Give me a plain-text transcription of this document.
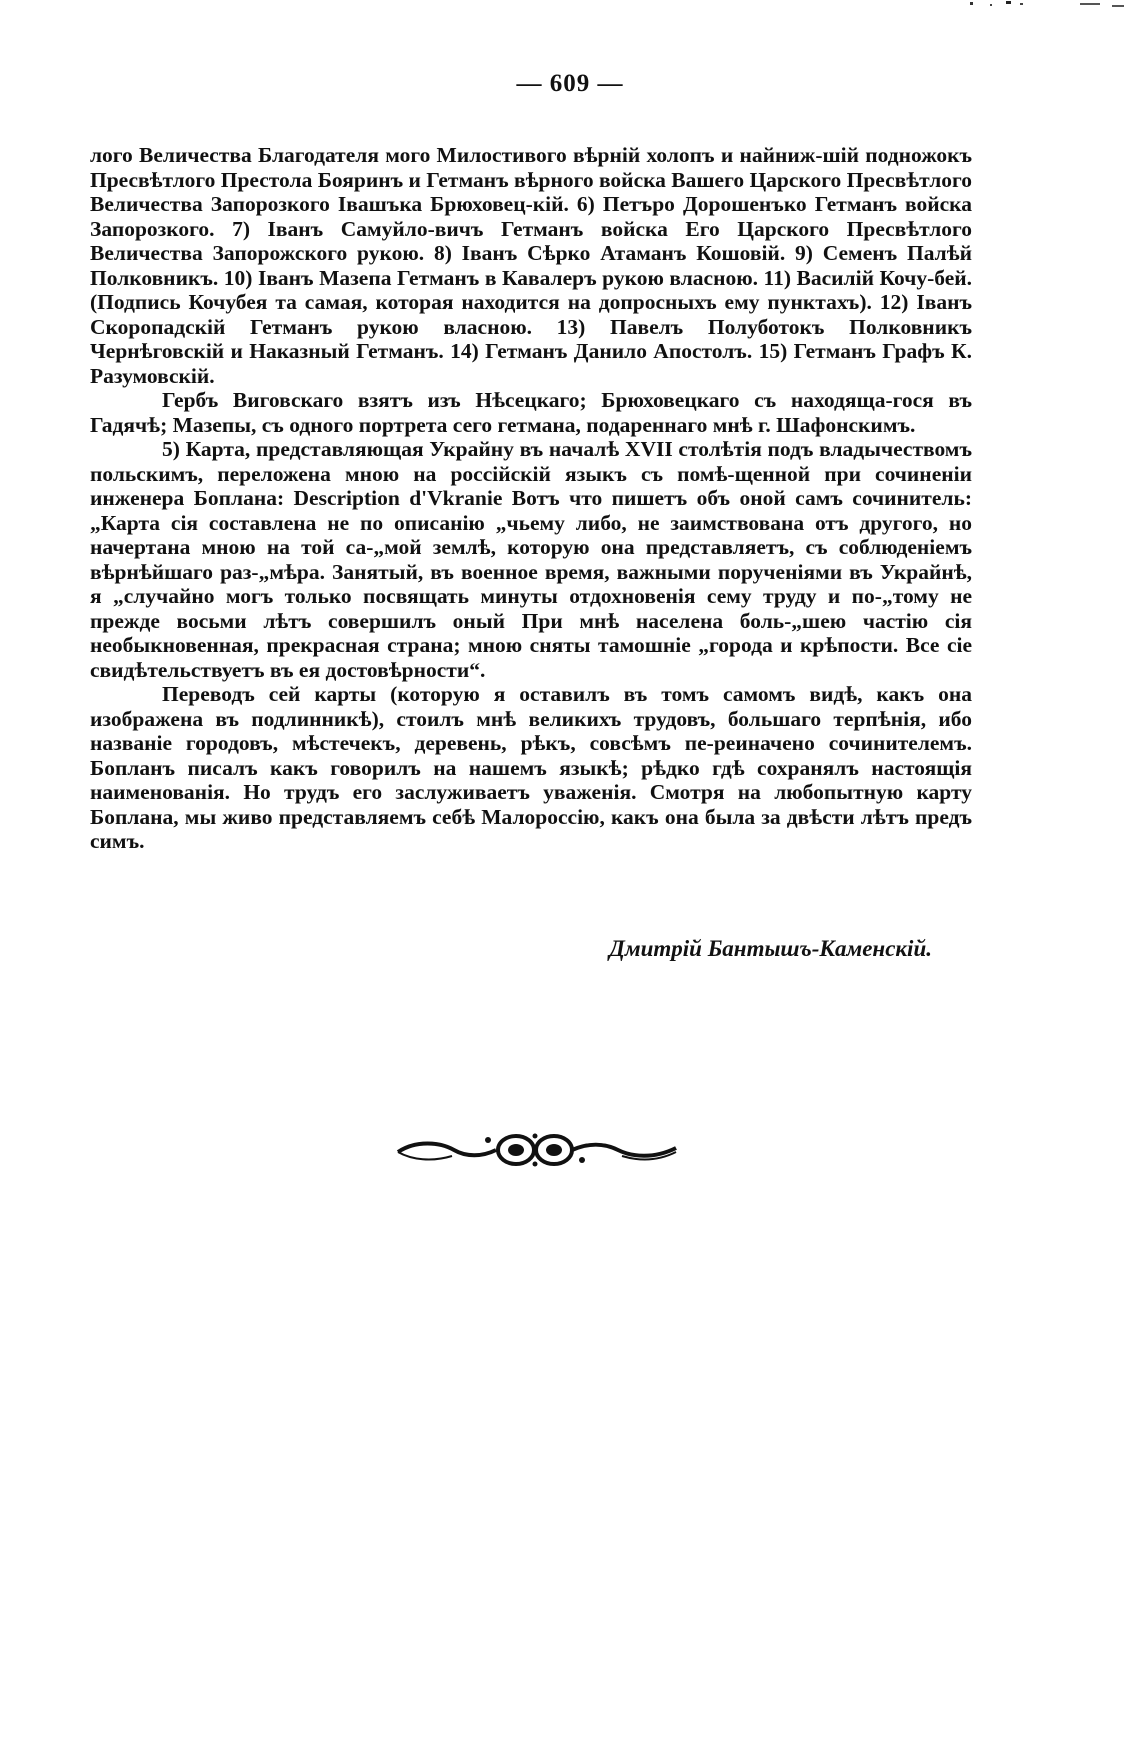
— 609 —

лого Величества Благодателя мого Милостивого вѣрній холопъ и найниж-шій подножокъ Пресвѣтлого Престола Бояринъ и Гетманъ вѣрного войска Вашего Царского Пресвѣтлого Величества Запорозкого Івашъка Брюховец-кій. 6) Петъро Дорошенъко Гетманъ войска Запорозкого. 7) Іванъ Самуйло-вичъ Гетманъ войска Его Царского Пресвѣтлого Величества Запорожского рукою. 8) Іванъ Сѣрко Атаманъ Кошовій. 9) Семенъ Палѣй Полковникъ. 10) Іванъ Мазепа Гетманъ в Кавалеръ рукою власною. 11) Василій Кочу-бей. (Подпись Кочубея та самая, которая находится на допросныхъ ему пунктахъ). 12) Іванъ Скоропадскій Гетманъ рукою власною. 13) Павелъ Полуботокъ Полковникъ Чернѣговскій и Наказный Гетманъ. 14) Гетманъ Данило Апостолъ. 15) Гетманъ Графъ К. Разумовскій.

Гербъ Виговскаго взятъ изъ Нѣсецкаго; Брюховецкаго съ находяща-гося въ Гадячѣ; Мазепы, съ одного портрета сего гетмана, подареннаго мнѣ г. Шафонскимъ.

5) Карта, представляющая Украйну въ началѣ XVII столѣтія подъ владычествомъ польскимъ, переложена мною на россійскій языкъ съ помѣ-щенной при сочиненіи инженера Боплана: Description d'Vkranie Вотъ что пишетъ объ оной самъ сочинитель: „Карта сія составлена не по описанію „чьему либо, не заимствована отъ другого, но начертана мною на той са-„мой землѣ, которую она представляетъ, съ соблюденіемъ вѣрнѣйшаго раз-„мѣра. Занятый, въ военное время, важными порученіями въ Украйнѣ, я „случайно могъ только посвящать минуты отдохновенія сему труду и по-„тому не прежде восьми лѣтъ совершилъ оный При мнѣ населена боль-„шею частію сія необыкновенная, прекрасная страна; мною сняты тамошніе „города и крѣпости. Все сіе свидѣтельствуетъ въ ея достовѣрности“.

Переводъ сей карты (которую я оставилъ въ томъ самомъ видѣ, какъ она изображена въ подлинникѣ), стоилъ мнѣ великихъ трудовъ, большаго терпѣнія, ибо названіе городовъ, мѣстечекъ, деревень, рѣкъ, совсѣмъ пе-реиначено сочинителемъ. Бопланъ писалъ какъ говорилъ на нашемъ языкѣ; рѣдко гдѣ сохранялъ настоящія наименованія. Но трудъ его заслуживаетъ уваженія. Смотря на любопытную карту Боплана, мы живо представляемъ себѣ Малороссію, какъ она была за двѣсти лѣтъ предъ симъ.

Дмитрій Бантышъ-Каменскій.
